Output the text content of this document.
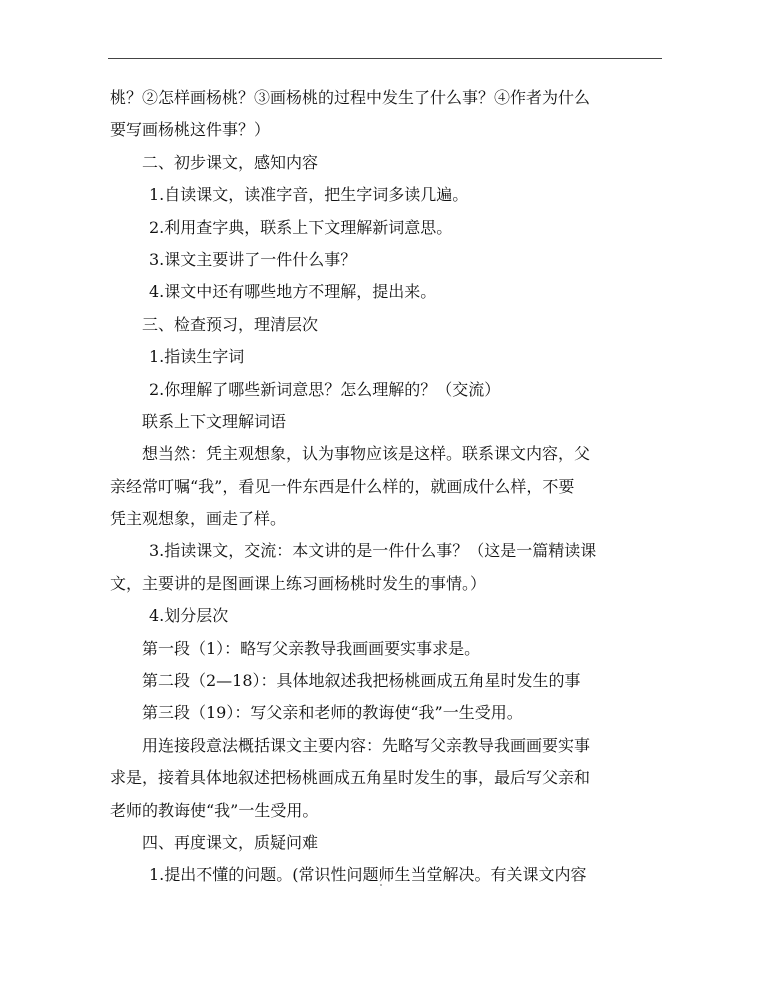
桃？②怎样画杨桃？③画杨桃的过程中发生了什么事？④作者为什么
要写画杨桃这件事？）
二、初步课文，感知内容
1.自读课文，读准字音，把生字词多读几遍。
2.利用查字典，联系上下文理解新词意思。
3.课文主要讲了一件什么事？
4.课文中还有哪些地方不理解，提出来。
三、检查预习，理清层次
1.指读生字词
2.你理解了哪些新词意思？怎么理解的？（交流）
联系上下文理解词语
想当然：凭主观想象，认为事物应该是这样。联系课文内容，父
亲经常叮嘱“我”，看见一件东西是什么样的，就画成什么样，不要
凭主观想象，画走了样。
3.指读课文，交流：本文讲的是一件什么事？（这是一篇精读课
文，主要讲的是图画课上练习画杨桃时发生的事情。）
4.划分层次
第一段（1）：略写父亲教导我画画要实事求是。
第二段（2—18）：具体地叙述我把杨桃画成五角星时发生的事
第三段（19）：写父亲和老师的教诲使“我”一生受用。
用连接段意法概括课文主要内容：先略写父亲教导我画画要实事
求是，接着具体地叙述把杨桃画成五角星时发生的事，最后写父亲和
老师的教诲使“我”一生受用。
四、再度课文，质疑问难
1.提出不懂的问题。(常识性问题师生当堂解决。有关课文内容
